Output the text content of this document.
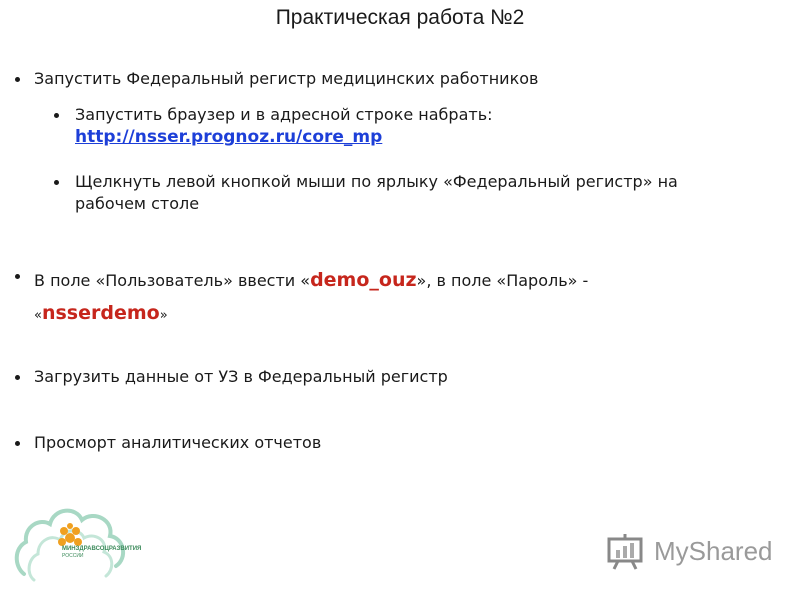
Практическая работа №2
Запустить Федеральный регистр медицинских работников
Запустить браузер и в адресной строке набрать:
http://nsser.prognoz.ru/core_mp
Щелкнуть левой кнопкой мыши по ярлыку «Федеральный регистр» на
рабочем столе
В поле «Пользователь» ввести «demo_ouz», в поле «Пароль» -
«nsserdemo»
Загрузить данные от УЗ в Федеральный регистр
Просморт аналитических отчетов
МИНЗДРАВСОЦРАЗВИТИЯ
РОССИИ	MyShared
